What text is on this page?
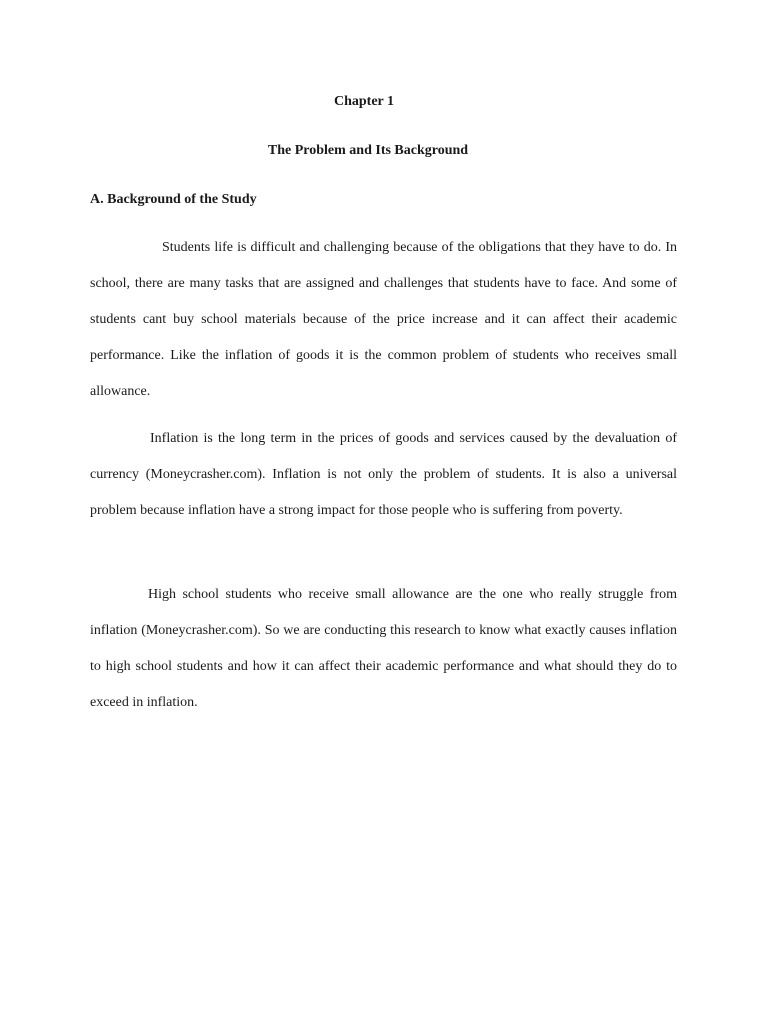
Chapter 1
The Problem and Its Background
A. Background of the Study

Students life is difficult and challenging because of the obligations that they have to do. In school, there are many tasks that are assigned and challenges that students have to face. And some of students cant buy school materials because of the price increase and it can affect their academic performance. Like the inflation of goods it is the common problem of students who receives small allowance.

Inflation is the long term in the prices of goods and services caused by the devaluation of currency (Moneycrasher.com). Inflation is not only the problem of students. It is also a universal problem because inflation have a strong impact for those people who is suffering from poverty.

High school students who receive small allowance are the one who really struggle from inflation (Moneycrasher.com). So we are conducting this research to know what exactly causes inflation to high school students and how it can affect their academic performance and what should they do to exceed in inflation.
